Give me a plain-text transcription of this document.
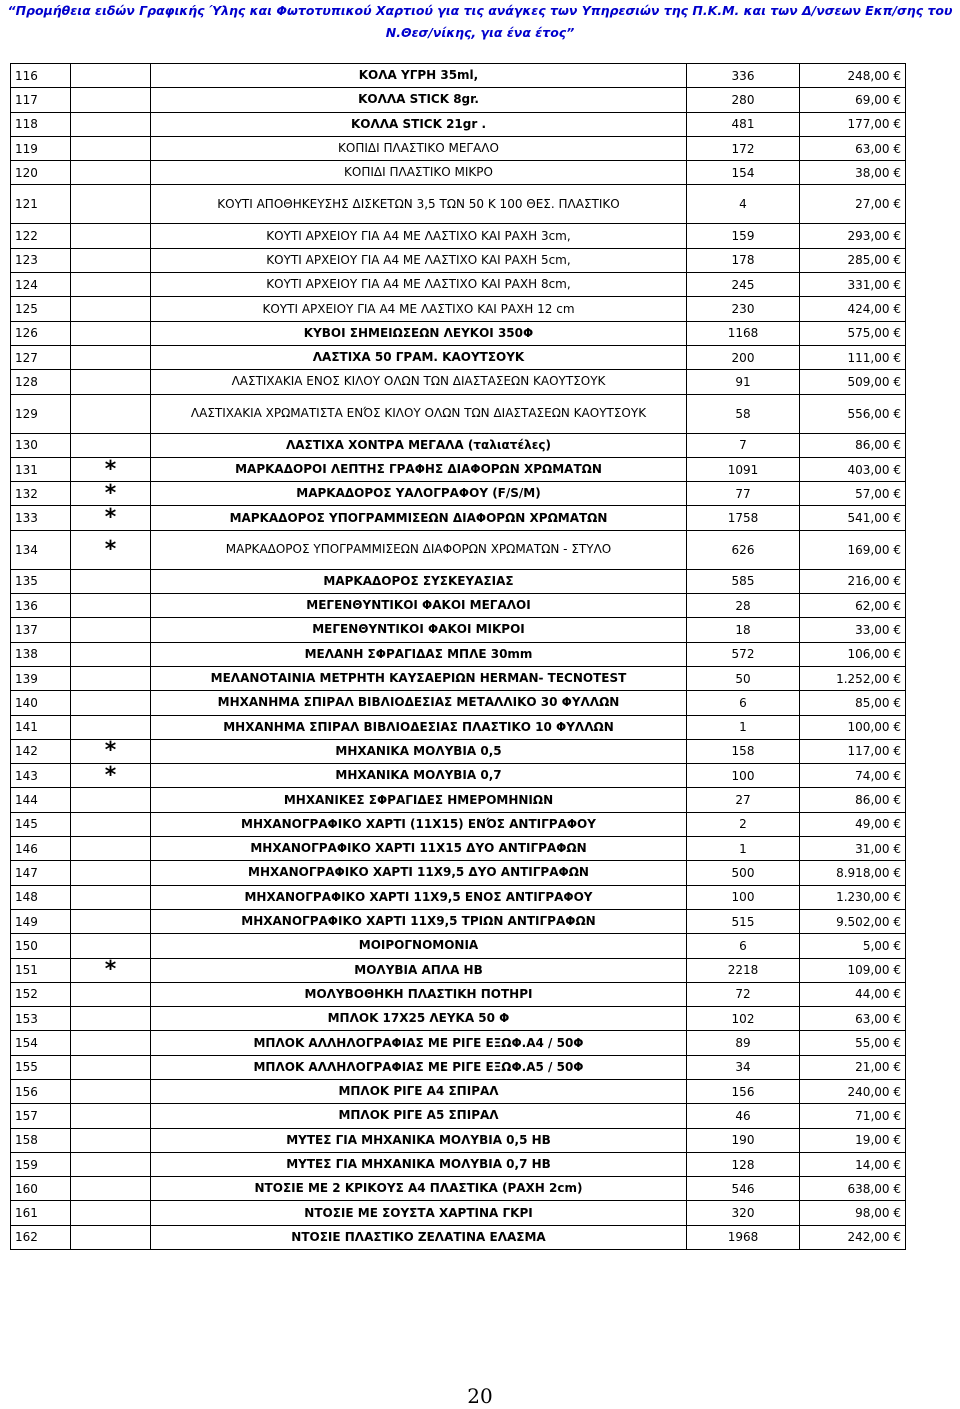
“Προμήθεια ειδών Γραφικής Ύλης και Φωτοτυπικού Χαρτιού για τις ανάγκες των Υπηρεσιών της Π.Κ.Μ. και των Δ/νσεων Εκπ/σης του
Ν.Θεσ/νίκης, για ένα έτος”
116		ΚΟΛΑ ΥΓΡΗ 35ml,	336	248,00 €
117		ΚΟΛΛΑ STICK 8gr.	280	69,00 €
118		ΚΟΛΛΑ STICK 21gr .	481	177,00 €
119		ΚΟΠΙΔΙ ΠΛΑΣΤΙΚΟ ΜΕΓΑΛΟ	172	63,00 €
120		ΚΟΠΙΔΙ ΠΛΑΣΤΙΚΟ ΜΙΚΡΟ	154	38,00 €
121		ΚΟΥΤΙ ΑΠΟΘΗΚΕΥΣΗΣ ΔΙΣΚΕΤΩΝ 3,5 ΤΩΝ 50 Κ 100 ΘΕΣ. ΠΛΑΣΤΙΚΟ	4	27,00 €
122		ΚΟΥΤΙ ΑΡΧΕΙΟΥ ΓΙΑ Α4 ΜΕ ΛΑΣΤΙΧΟ ΚΑΙ ΡΑΧΗ 3cm,	159	293,00 €
123		ΚΟΥΤΙ ΑΡΧΕΙΟΥ ΓΙΑ Α4 ΜΕ ΛΑΣΤΙΧΟ ΚΑΙ ΡΑΧΗ 5cm,	178	285,00 €
124		ΚΟΥΤΙ ΑΡΧΕΙΟΥ ΓΙΑ Α4 ΜΕ ΛΑΣΤΙΧΟ ΚΑΙ ΡΑΧΗ 8cm,	245	331,00 €
125		ΚΟΥΤΙ ΑΡΧΕΙΟΥ ΓΙΑ Α4 ΜΕ ΛΑΣΤΙΧΟ ΚΑΙ ΡΑΧΗ 12 cm	230	424,00 €
126		ΚΥΒΟΙ ΣΗΜΕΙΩΣΕΩΝ ΛΕΥΚΟΙ 350Φ	1168	575,00 €
127		ΛΑΣΤΙΧΑ 50 ΓΡΑΜ. ΚΑΟΥΤΣΟΥΚ	200	111,00 €
128		ΛΑΣΤΙΧΑΚΙΑ ΕΝΟΣ ΚΙΛΟΥ ΟΛΩΝ ΤΩΝ ΔΙΑΣΤΑΣΕΩΝ ΚΑΟΥΤΣΟΥΚ	91	509,00 €
129		ΛΑΣΤΙΧΑΚΙΑ ΧΡΩΜΑΤΙΣΤΑ ΕΝΌΣ ΚΙΛΟΥ ΟΛΩΝ ΤΩΝ ΔΙΑΣΤΑΣΕΩΝ ΚΑΟΥΤΣΟΥΚ	58	556,00 €
130		ΛΑΣΤΙΧΑ ΧΟΝΤΡΑ ΜΕΓΑΛΑ (ταλιατέλες)	7	86,00 €
131	*	ΜΑΡΚΑΔΟΡΟΙ ΛΕΠΤΗΣ ΓΡΑΦΗΣ ΔΙΑΦΟΡΩΝ ΧΡΩΜΑΤΩΝ	1091	403,00 €
132	*	ΜΑΡΚΑΔΟΡΟΣ ΥΑΛΟΓΡΑΦΟΥ (F/S/M)	77	57,00 €
133	*	ΜΑΡΚΑΔΟΡΟΣ ΥΠΟΓΡΑΜΜΙΣΕΩΝ ΔΙΑΦΟΡΩΝ ΧΡΩΜΑΤΩΝ	1758	541,00 €
134	*	ΜΑΡΚΑΔΟΡΟΣ ΥΠΟΓΡΑΜΜΙΣΕΩΝ ΔΙΑΦΟΡΩΝ ΧΡΩΜΑΤΩΝ - ΣΤΥΛΟ	626	169,00 €
135		ΜΑΡΚΑΔΟΡΟΣ ΣΥΣΚΕΥΑΣΙΑΣ	585	216,00 €
136		ΜΕΓΕΝΘΥΝΤΙΚΟΙ ΦΑΚΟΙ ΜΕΓΑΛΟΙ	28	62,00 €
137		ΜΕΓΕΝΘΥΝΤΙΚΟΙ ΦΑΚΟΙ ΜΙΚΡΟΙ	18	33,00 €
138		ΜΕΛΑΝΗ ΣΦΡΑΓΙΔΑΣ ΜΠΛΕ 30mm	572	106,00 €
139		ΜΕΛΑΝΟΤΑΙΝΙΑ ΜΕΤΡΗΤΗ ΚΑΥΣΑΕΡΙΩΝ HERMAN- TECNOTEST	50	1.252,00 €
140		ΜΗΧΑΝΗΜΑ ΣΠΙΡΑΛ ΒΙΒΛΙΟΔΕΣΙΑΣ ΜΕΤΑΛΛΙΚΟ 30 ΦΥΛΛΩΝ	6	85,00 €
141		ΜΗΧΑΝΗΜΑ ΣΠΙΡΑΛ ΒΙΒΛΙΟΔΕΣΙΑΣ ΠΛΑΣΤΙΚΟ 10 ΦΥΛΛΩΝ	1	100,00 €
142	*	ΜΗΧΑΝΙΚΑ ΜΟΛΥΒΙΑ 0,5	158	117,00 €
143	*	ΜΗΧΑΝΙΚΑ ΜΟΛΥΒΙΑ 0,7	100	74,00 €
144		ΜΗΧΑΝΙΚΕΣ ΣΦΡΑΓΙΔΕΣ ΗΜΕΡΟΜΗΝΙΩΝ	27	86,00 €
145		ΜΗΧΑΝΟΓΡΑΦΙΚΟ ΧΑΡΤΙ (11Χ15) ΕΝΌΣ ΑΝΤΙΓΡΑΦΟΥ	2	49,00 €
146		ΜΗΧΑΝΟΓΡΑΦΙΚΟ ΧΑΡΤΙ 11Χ15 ΔΥΟ ΑΝΤΙΓΡΑΦΩΝ	1	31,00 €
147		ΜΗΧΑΝΟΓΡΑΦΙΚΟ ΧΑΡΤΙ 11Χ9,5 ΔΥΟ ΑΝΤΙΓΡΑΦΩΝ	500	8.918,00 €
148		ΜΗΧΑΝΟΓΡΑΦΙΚΟ ΧΑΡΤΙ 11Χ9,5 ΕΝΟΣ ΑΝΤΙΓΡΑΦΟΥ	100	1.230,00 €
149		ΜΗΧΑΝΟΓΡΑΦΙΚΟ ΧΑΡΤΙ 11Χ9,5 ΤΡΙΩΝ ΑΝΤΙΓΡΑΦΩΝ	515	9.502,00 €
150		ΜΟΙΡΟΓΝΟΜΟΝΙΑ	6	5,00 €
151	*	ΜΟΛΥΒΙΑ ΑΠΛΑ ΗΒ	2218	109,00 €
152		ΜΟΛΥΒΟΘΗΚΗ ΠΛΑΣΤΙΚΗ ΠΟΤΗΡΙ	72	44,00 €
153		ΜΠΛΟΚ 17Χ25 ΛΕΥΚΑ 50 Φ	102	63,00 €
154		ΜΠΛΟΚ ΑΛΛΗΛΟΓΡΑΦΙΑΣ ΜΕ ΡΙΓΕ ΕΞΩΦ.Α4 / 50Φ	89	55,00 €
155		ΜΠΛΟΚ ΑΛΛΗΛΟΓΡΑΦΙΑΣ ΜΕ ΡΙΓΕ ΕΞΩΦ.Α5 / 50Φ	34	21,00 €
156		ΜΠΛΟΚ ΡΙΓΕ Α4 ΣΠΙΡΑΛ	156	240,00 €
157		ΜΠΛΟΚ ΡΙΓΕ Α5 ΣΠΙΡΑΛ	46	71,00 €
158		ΜΥΤΕΣ ΓΙΑ ΜΗΧΑΝΙΚΑ ΜΟΛΥΒΙΑ 0,5 ΗΒ	190	19,00 €
159		ΜΥΤΕΣ ΓΙΑ ΜΗΧΑΝΙΚΑ ΜΟΛΥΒΙΑ 0,7 ΗΒ	128	14,00 €
160		ΝΤΟΣΙΕ ΜΕ 2 ΚΡΙΚΟΥΣ Α4 ΠΛΑΣΤΙΚΑ (ΡΑΧΗ 2cm)	546	638,00 €
161		ΝΤΟΣΙΕ ΜΕ ΣΟΥΣΤΑ ΧΑΡΤΙΝΑ ΓΚΡΙ	320	98,00 €
162		ΝΤΟΣΙΕ ΠΛΑΣΤΙΚΟ ΖΕΛΑΤΙΝΑ ΕΛΑΣΜΑ	1968	242,00 €
20
